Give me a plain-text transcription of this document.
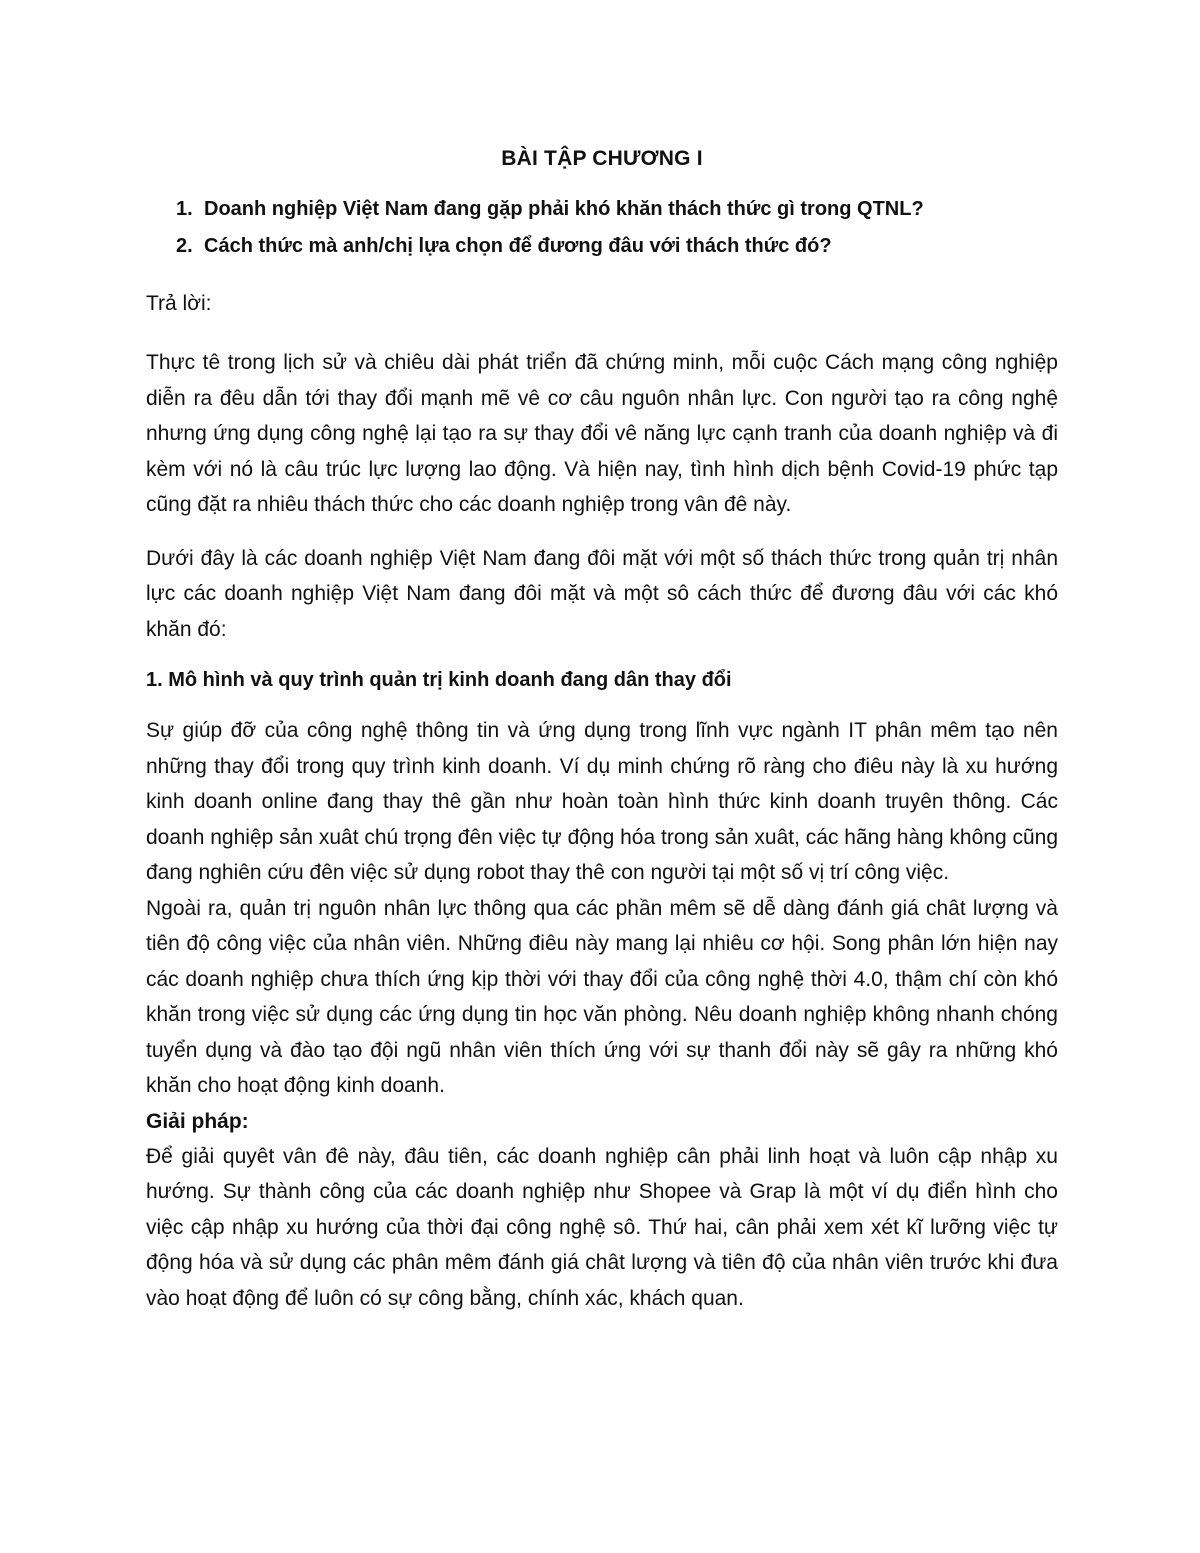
BÀI TẬP CHƯƠNG I
1. Doanh nghiệp Việt Nam đang gặp phải khó khăn thách thức gì trong QTNL?
2. Cách thức mà anh/chị lựa chọn để đương đâu với thách thức đó?

Trả lời:

Thực tê trong lịch sử và chiêu dài phát triển đã chứng minh, mỗi cuộc Cách mạng công nghiệp diễn ra đêu dẫn tới thay đổi mạnh mẽ vê cơ câu nguôn nhân lực. Con người tạo ra công nghệ nhưng ứng dụng công nghệ lại tạo ra sự thay đổi vê năng lực cạnh tranh của doanh nghiệp và đi kèm với nó là câu trúc lực lượng lao động. Và hiện nay, tình hình dịch bệnh Covid-19 phức tạp cũng đặt ra nhiêu thách thức cho các doanh nghiệp trong vân đê này.

Dưới đây là các doanh nghiệp Việt Nam đang đôi mặt với một số thách thức trong quản trị nhân lực các doanh nghiệp Việt Nam đang đôi mặt và một sô cách thức để đương đâu với các khó khăn đó:

1. Mô hình và quy trình quản trị kinh doanh đang dân thay đổi

Sự giúp đỡ của công nghệ thông tin và ứng dụng trong lĩnh vực ngành IT phân mêm tạo nên những thay đổi trong quy trình kinh doanh. Ví dụ minh chứng rõ ràng cho điêu này là xu hướng kinh doanh online đang thay thê gần như hoàn toàn hình thức kinh doanh truyên thông. Các doanh nghiệp sản xuât chú trọng đên việc tự động hóa trong sản xuât, các hãng hàng không cũng đang nghiên cứu đên việc sử dụng robot thay thê con người tại một số vị trí công việc.

Ngoài ra, quản trị nguôn nhân lực thông qua các phần mêm sẽ dễ dàng đánh giá chât lượng và tiên độ công việc của nhân viên. Những điêu này mang lại nhiêu cơ hội. Song phân lớn hiện nay các doanh nghiệp chưa thích ứng kịp thời với thay đổi của công nghệ thời 4.0, thậm chí còn khó khăn trong việc sử dụng các ứng dụng tin học văn phòng. Nêu doanh nghiệp không nhanh chóng tuyển dụng và đào tạo đội ngũ nhân viên thích ứng với sự thanh đổi này sẽ gây ra những khó khăn cho hoạt động kinh doanh.

Giải pháp:

Để giải quyêt vân đê này, đâu tiên, các doanh nghiệp cân phải linh hoạt và luôn cập nhập xu hướng. Sự thành công của các doanh nghiệp như Shopee và Grap là một ví dụ điển hình cho việc cập nhập xu hướng của thời đại công nghệ sô. Thứ hai, cân phải xem xét kĩ lưỡng việc tự động hóa và sử dụng các phân mêm đánh giá chât lượng và tiên độ của nhân viên trước khi đưa vào hoạt động để luôn có sự công bằng, chính xác, khách quan.
